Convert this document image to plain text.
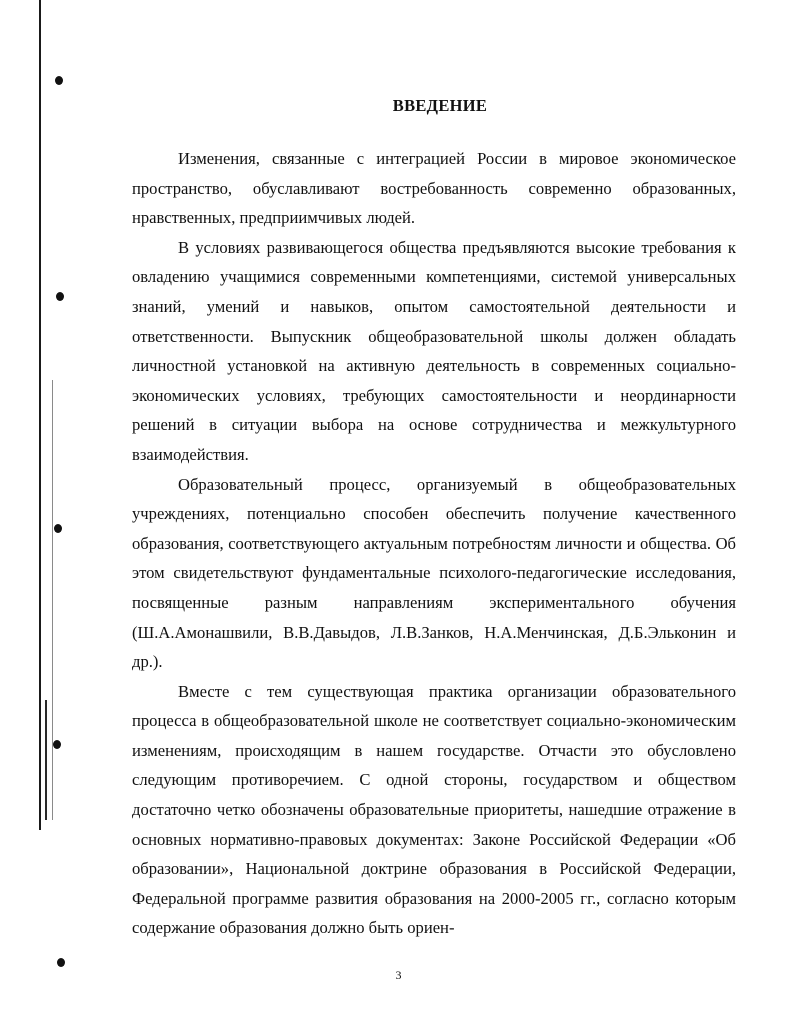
ВВЕДЕНИЕ

Изменения, связанные с интеграцией России в мировое экономическое пространство, обуславливают востребованность современно образованных, нравственных, предприимчивых людей.

В условиях развивающегося общества предъявляются высокие требования к овладению учащимися современными компетенциями, системой универсальных знаний, умений и навыков, опытом самостоятельной деятельности и ответственности. Выпускник общеобразовательной школы должен обладать личностной установкой на активную деятельность в современных социально-экономических условиях, требующих самостоятельности и неординарности решений в ситуации выбора на основе сотрудничества и межкультурного взаимодействия.

Образовательный процесс, организуемый в общеобразовательных учреждениях, потенциально способен обеспечить получение качественного образования, соответствующего актуальным потребностям личности и общества. Об этом свидетельствуют фундаментальные психолого-педагогические исследования, посвященные разным направлениям экспериментального обучения (Ш.А.Амонашвили, В.В.Давыдов, Л.В.Занков, Н.А.Менчинская, Д.Б.Эльконин и др.).

Вместе с тем существующая практика организации образовательного процесса в общеобразовательной школе не соответствует социально-экономическим изменениям, происходящим в нашем государстве. Отчасти это обусловлено следующим противоречием. С одной стороны, государством и обществом достаточно четко обозначены образовательные приоритеты, нашедшие отражение в основных нормативно-правовых документах: Законе Российской Федерации «Об образовании», Национальной доктрине образования в Российской Федерации, Федеральной программе развития образования на 2000-2005 гг., согласно которым содержание образования должно быть ориен-

3
